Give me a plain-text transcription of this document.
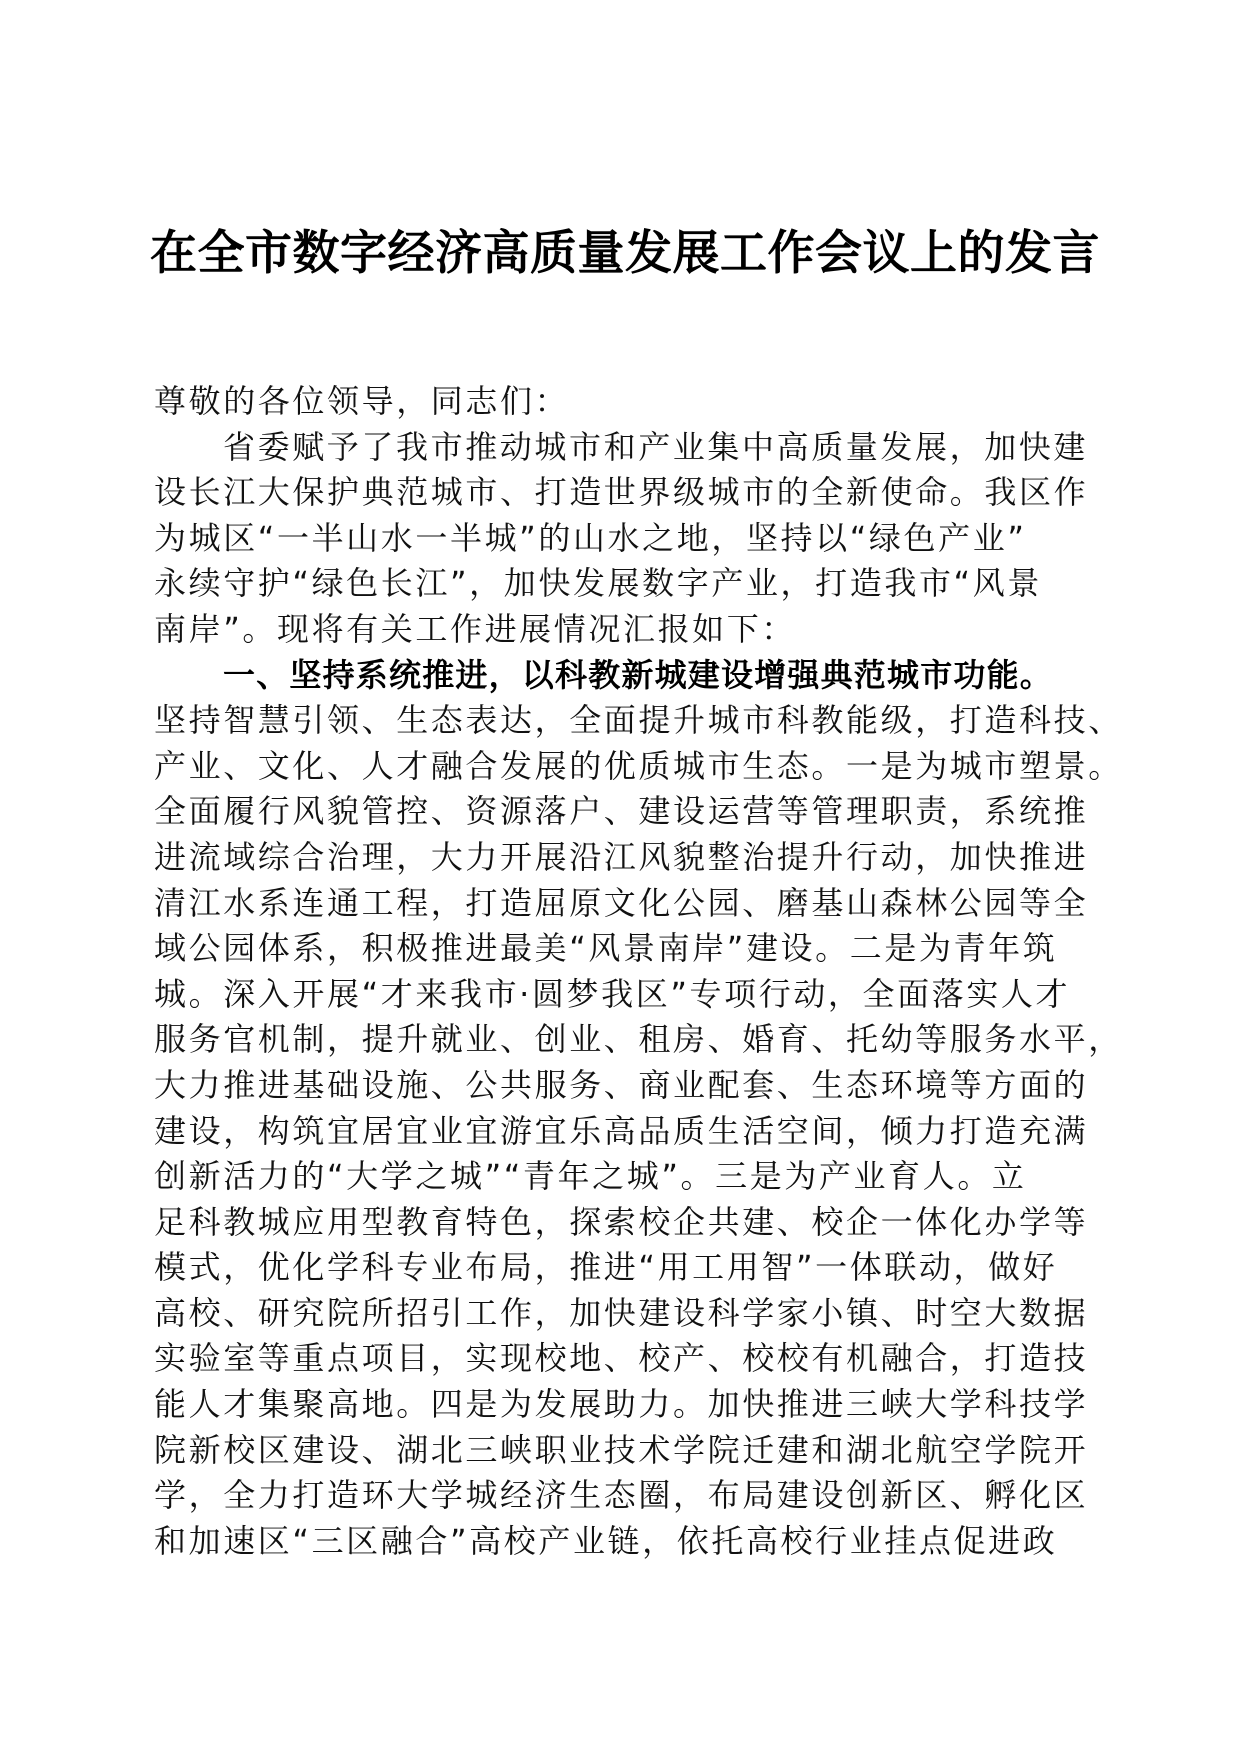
在全市数字经济高质量发展工作会议上的发言
尊敬的各位领导，同志们：
省委赋予了我市推动城市和产业集中高质量发展，加快建
设长江大保护典范城市、打造世界级城市的全新使命。我区作
为城区“一半山水一半城”的山水之地，坚持以“绿色产业”
永续守护“绿色长江”，加快发展数字产业，打造我市“风景
南岸”。现将有关工作进展情况汇报如下：
一、坚持系统推进，以科教新城建设增强典范城市功能。
坚持智慧引领、生态表达，全面提升城市科教能级，打造科技、
产业、文化、人才融合发展的优质城市生态。一是为城市塑景。
全面履行风貌管控、资源落户、建设运营等管理职责，系统推
进流域综合治理，大力开展沿江风貌整治提升行动，加快推进
清江水系连通工程，打造屈原文化公园、磨基山森林公园等全
域公园体系，积极推进最美“风景南岸”建设。二是为青年筑
城。深入开展“才来我市·圆梦我区”专项行动，全面落实人才
服务官机制，提升就业、创业、租房、婚育、托幼等服务水平，
大力推进基础设施、公共服务、商业配套、生态环境等方面的
建设，构筑宜居宜业宜游宜乐高品质生活空间，倾力打造充满
创新活力的“大学之城”“青年之城”。三是为产业育人。立
足科教城应用型教育特色，探索校企共建、校企一体化办学等
模式，优化学科专业布局，推进“用工用智”一体联动，做好
高校、研究院所招引工作，加快建设科学家小镇、时空大数据
实验室等重点项目，实现校地、校产、校校有机融合，打造技
能人才集聚高地。四是为发展助力。加快推进三峡大学科技学
院新校区建设、湖北三峡职业技术学院迁建和湖北航空学院开
学，全力打造环大学城经济生态圈，布局建设创新区、孵化区
和加速区“三区融合”高校产业链，依托高校行业挂点促进政
